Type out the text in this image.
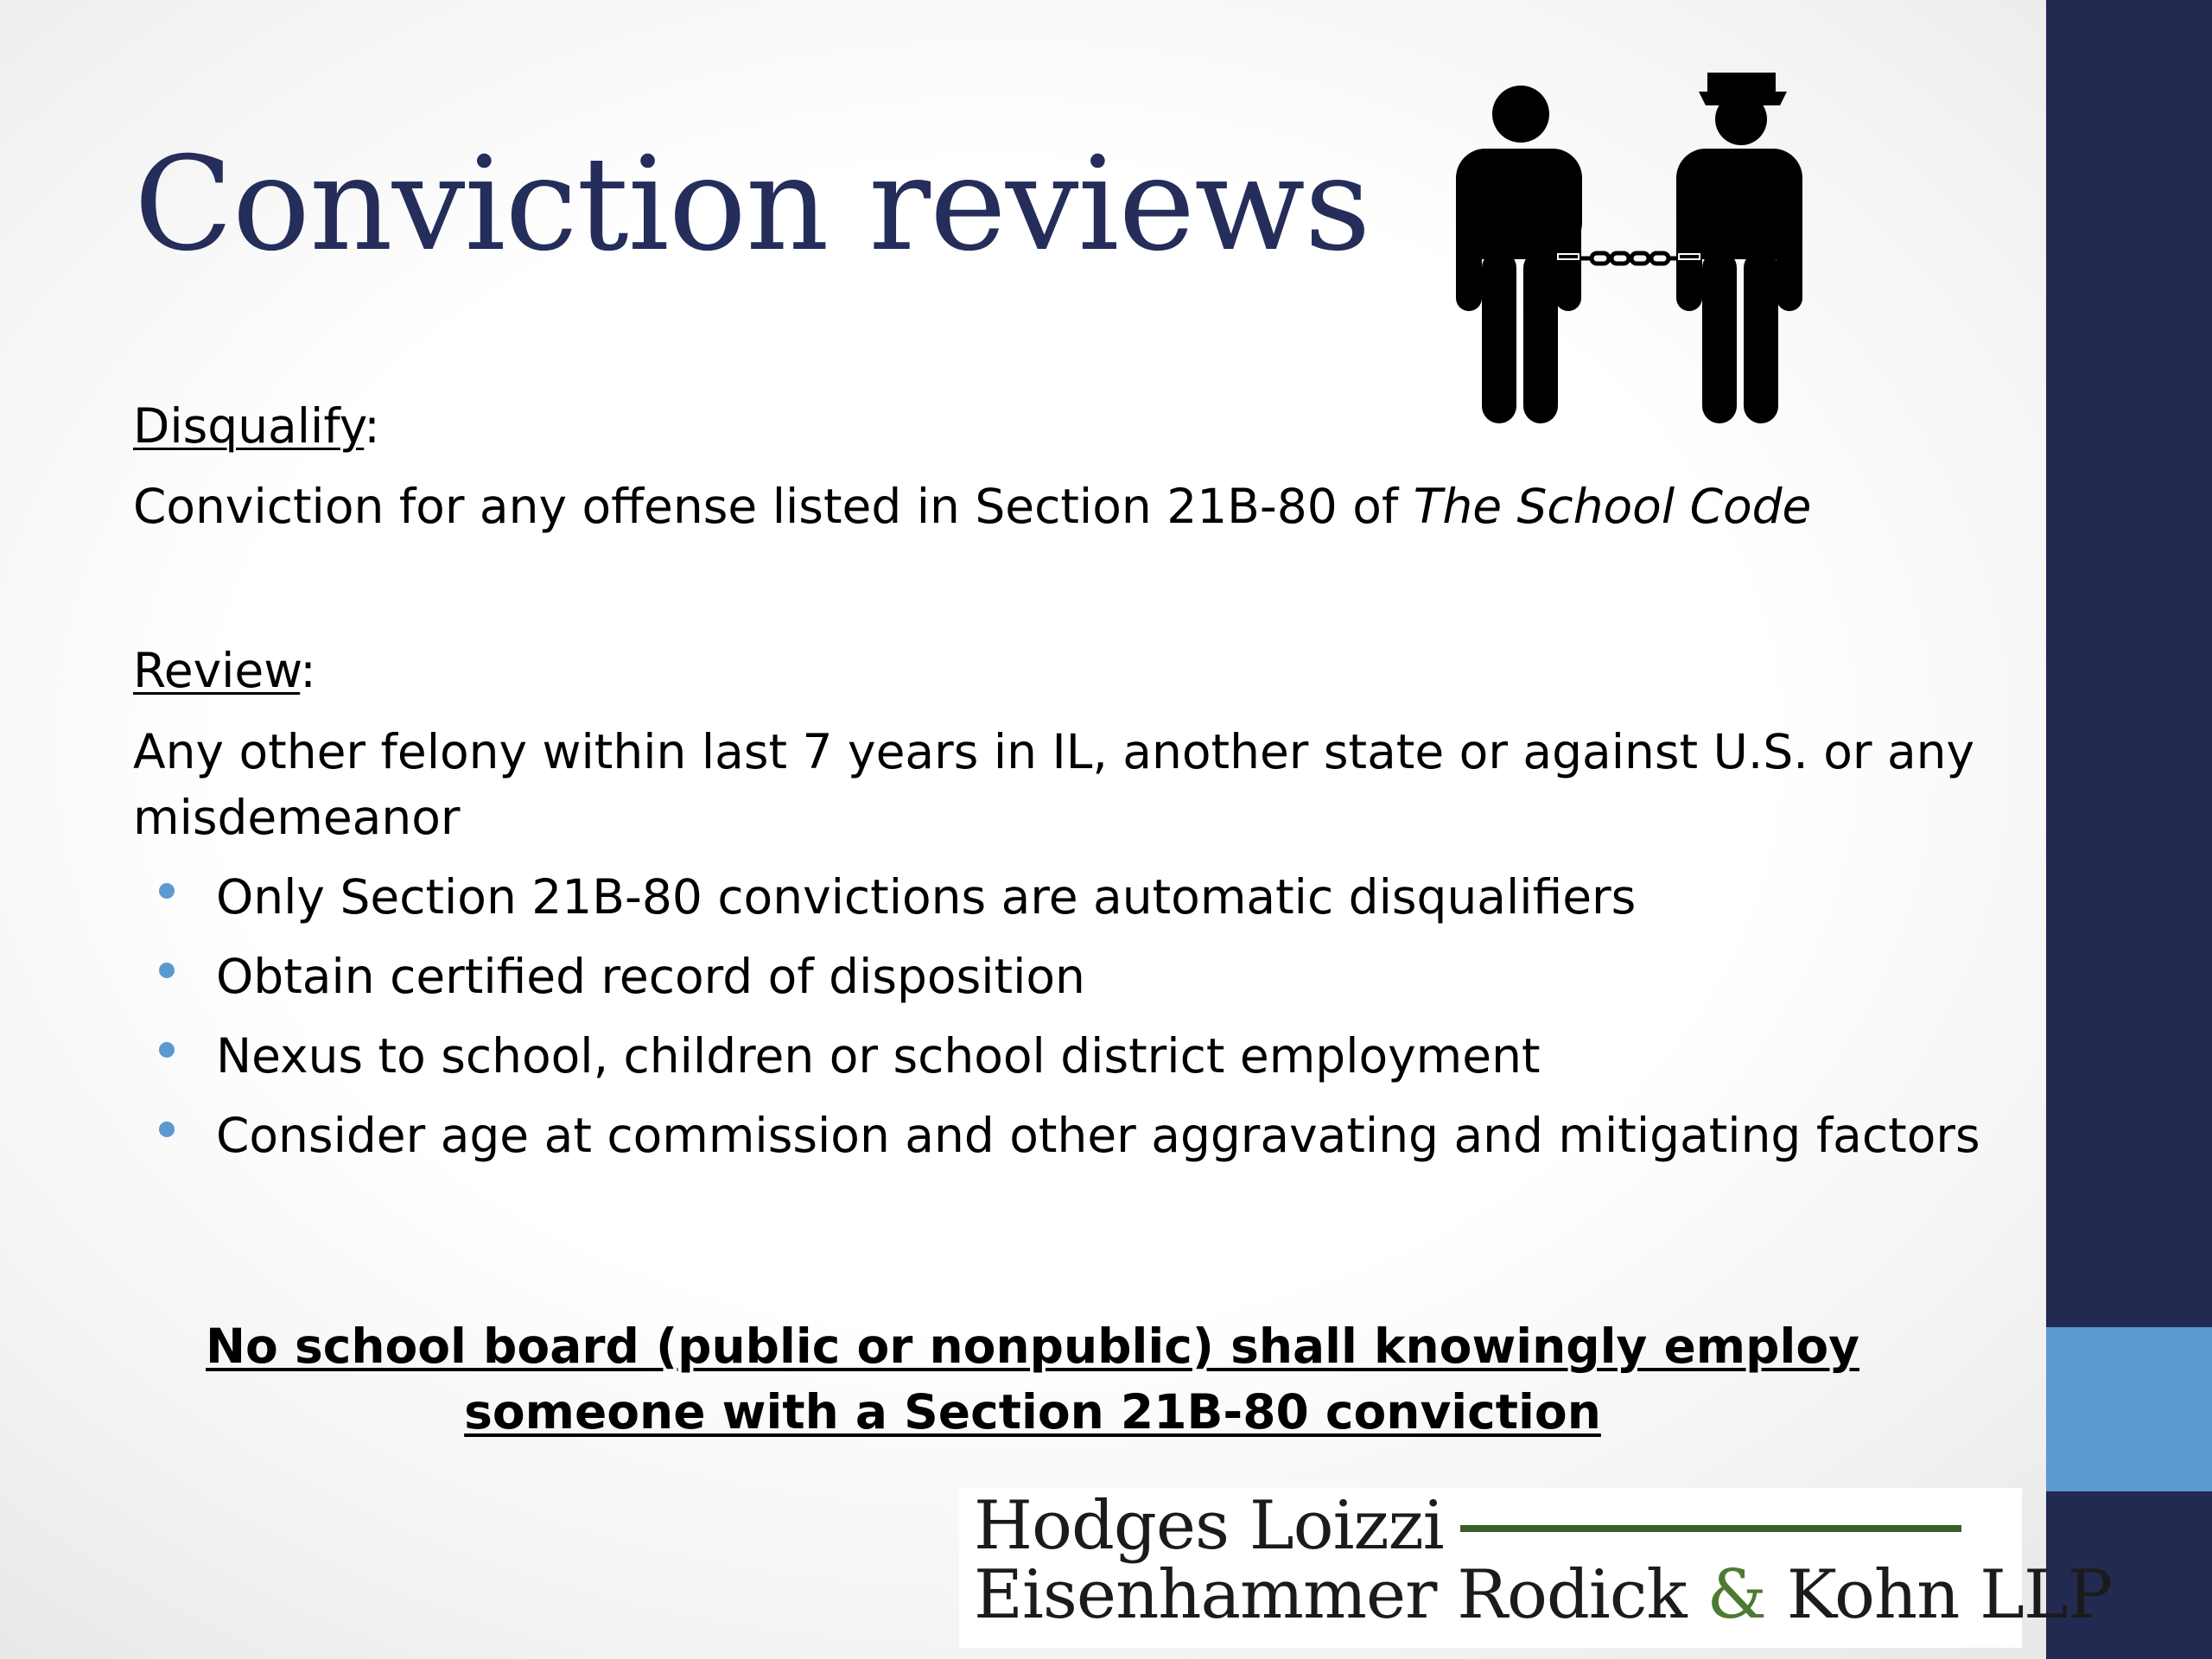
Conviction reviews
Disqualify:
Conviction for any offense listed in Section 21B-80 of The School Code
Review:
Any other felony within last 7 years in IL, another state or against U.S. or any misdemeanor
Only Section 21B-80 convictions are automatic disqualifiers
Obtain certified record of disposition
Nexus to school, children or school district employment
Consider age at commission and other aggravating and mitigating factors
No school board (public or nonpublic) shall knowingly employ
someone with a Section 21B-80 conviction
Hodges Loizzi
Eisenhammer Rodick & Kohn LLP
